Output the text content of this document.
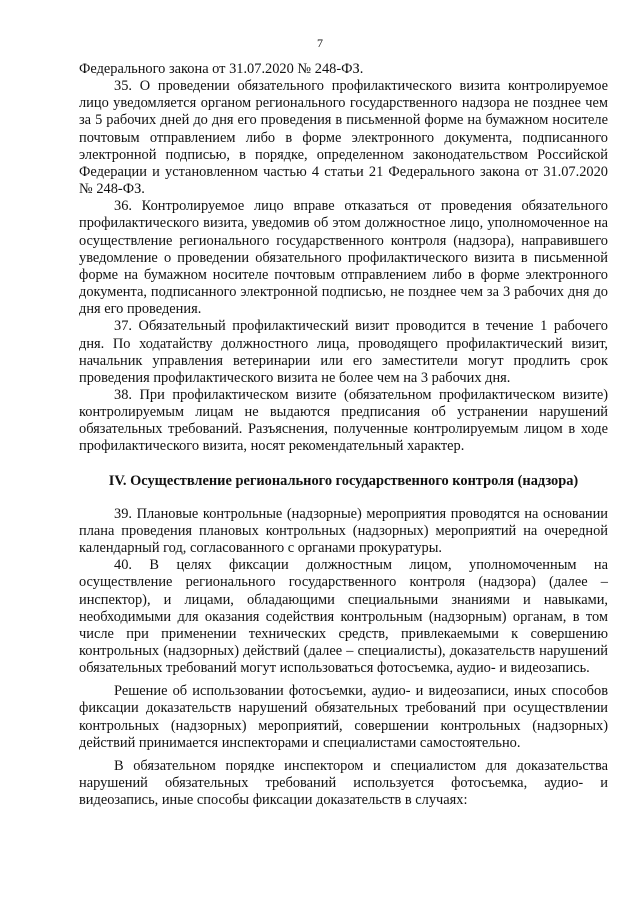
7

Федерального закона от 31.07.2020 № 248-ФЗ.

35. О проведении обязательного профилактического визита контролируемое лицо уведомляется органом регионального государственного надзора не позднее чем за 5 рабочих дней до дня его проведения в письменной форме на бумажном носителе почтовым отправлением либо в форме электронного документа, подписанного электронной подписью, в порядке, определенном законодательством Российской Федерации и установленном частью 4 статьи 21 Федерального закона от 31.07.2020 № 248-ФЗ.

36. Контролируемое лицо вправе отказаться от проведения обязательного профилактического визита, уведомив об этом должностное лицо, уполномоченное на осуществление регионального государственного контроля (надзора), направившего уведомление о проведении обязательного профилактического визита в письменной форме на бумажном носителе почтовым отправлением либо в форме электронного документа, подписанного электронной подписью, не позднее чем за 3 рабочих дня до дня его проведения.

37. Обязательный профилактический визит проводится в течение 1 рабочего дня. По ходатайству должностного лица, проводящего профилактический визит, начальник управления ветеринарии или его заместители могут продлить срок проведения профилактического визита не более чем на 3 рабочих дня.

38. При профилактическом визите (обязательном профилактическом визите) контролируемым лицам не выдаются предписания об устранении нарушений обязательных требований. Разъяснения, полученные контролируемым лицом в ходе профилактического визита, носят рекомендательный характер.

IV. Осуществление регионального государственного контроля (надзора)

39. Плановые контрольные (надзорные) мероприятия проводятся на основании плана проведения плановых контрольных (надзорных) мероприятий на очередной календарный год, согласованного с органами прокуратуры.

40. В целях фиксации должностным лицом, уполномоченным на осуществление регионального государственного контроля (надзора) (далее – инспектор), и лицами, обладающими специальными знаниями и навыками, необходимыми для оказания содействия контрольным (надзорным) органам, в том числе при применении технических средств, привлекаемыми к совершению контрольных (надзорных) действий (далее – специалисты), доказательств нарушений обязательных требований могут использоваться фотосъемка, аудио- и видеозапись.

Решение об использовании фотосъемки, аудио- и видеозаписи, иных способов фиксации доказательств нарушений обязательных требований при осуществлении контрольных (надзорных) мероприятий, совершении контрольных (надзорных) действий принимается инспекторами и специалистами самостоятельно.

В обязательном порядке инспектором и специалистом для доказательства нарушений обязательных требований используется фотосъемка, аудио- и видеозапись, иные способы фиксации доказательств в случаях:
